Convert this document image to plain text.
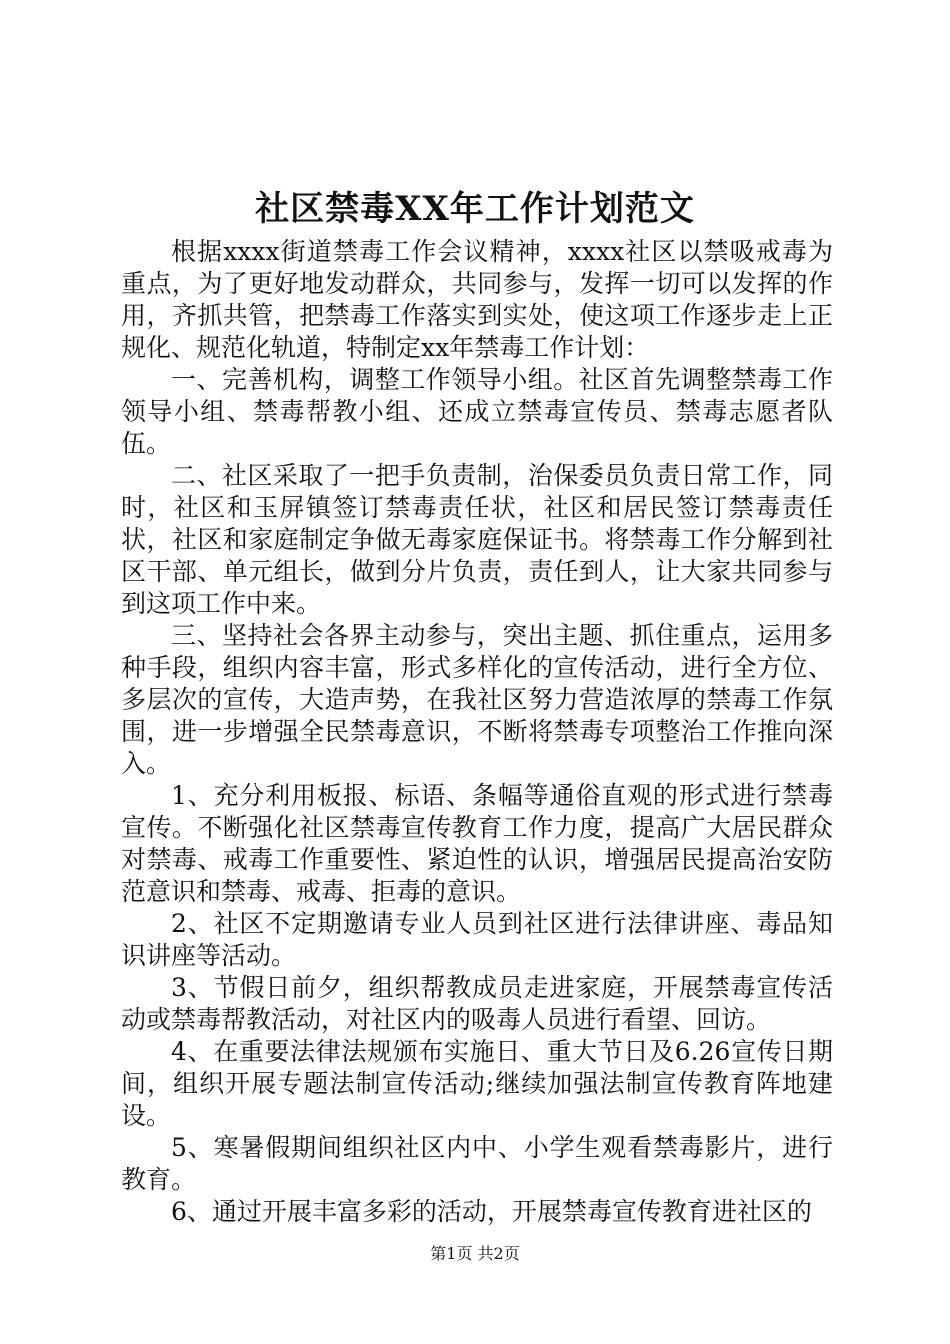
社区禁毒XX年工作计划范文

根据xxxx街道禁毒工作会议精神，xxxx社区以禁吸戒毒为重点，为了更好地发动群众，共同参与，发挥一切可以发挥的作用，齐抓共管，把禁毒工作落实到实处，使这项工作逐步走上正规化、规范化轨道，特制定xx年禁毒工作计划：

一、完善机构，调整工作领导小组。社区首先调整禁毒工作领导小组、禁毒帮教小组、还成立禁毒宣传员、禁毒志愿者队伍。

二、社区采取了一把手负责制，治保委员负责日常工作，同时，社区和玉屏镇签订禁毒责任状，社区和居民签订禁毒责任状，社区和家庭制定争做无毒家庭保证书。将禁毒工作分解到社区干部、单元组长，做到分片负责，责任到人，让大家共同参与到这项工作中来。

三、坚持社会各界主动参与，突出主题、抓住重点，运用多种手段，组织内容丰富，形式多样化的宣传活动，进行全方位、多层次的宣传，大造声势，在我社区努力营造浓厚的禁毒工作氛围，进一步增强全民禁毒意识，不断将禁毒专项整治工作推向深入。

1、充分利用板报、标语、条幅等通俗直观的形式进行禁毒宣传。不断强化社区禁毒宣传教育工作力度，提高广大居民群众对禁毒、戒毒工作重要性、紧迫性的认识，增强居民提高治安防范意识和禁毒、戒毒、拒毒的意识。

2、社区不定期邀请专业人员到社区进行法律讲座、毒品知识讲座等活动。

3、节假日前夕，组织帮教成员走进家庭，开展禁毒宣传活动或禁毒帮教活动，对社区内的吸毒人员进行看望、回访。

4、在重要法律法规颁布实施日、重大节日及6.26宣传日期间，组织开展专题法制宣传活动;继续加强法制宣传教育阵地建设。

5、寒暑假期间组织社区内中、小学生观看禁毒影片，进行教育。

6、通过开展丰富多彩的活动，开展禁毒宣传教育进社区的

第1页 共2页
